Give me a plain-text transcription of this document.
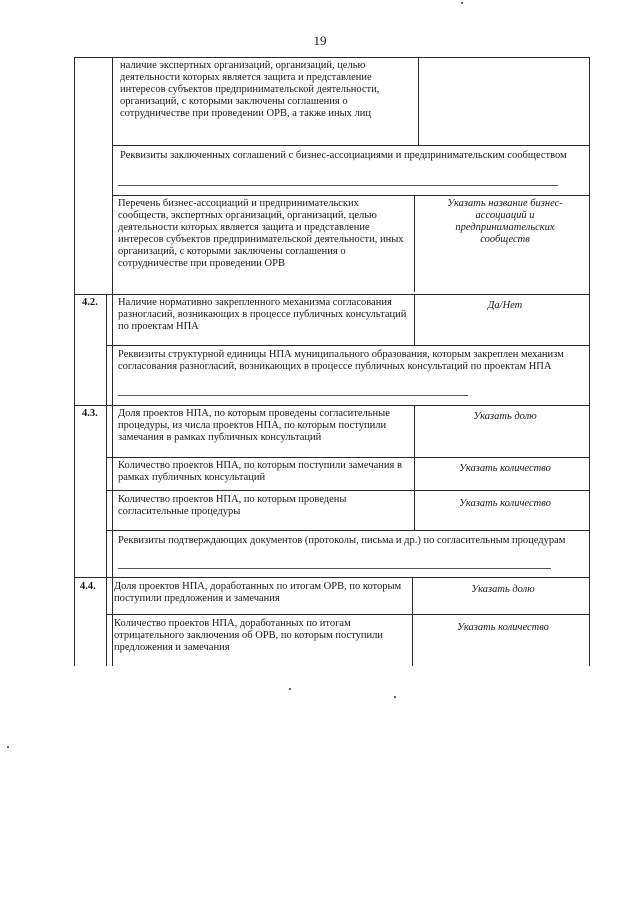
19
наличие экспертных организаций, организаций, целью деятельности которых является защита и представление интересов субъектов предпринимательской деятельности, организаций, с которыми заключены соглашения о сотрудничестве при проведении ОРВ, а также иных лиц
Реквизиты заключенных соглашений с бизнес-ассоциациями и предпринимательским сообществом
Перечень бизнес-ассоциаций и предпринимательских сообществ, экспертных организаций, организаций, целью деятельности которых является защита и представление интересов субъектов предпринимательской деятельности, иных организаций, с которыми заключены соглашения о сотрудничестве при проведении ОРВ
Указать название бизнес-ассоциаций и предпринимательских сообществ
4.2. Наличие нормативно закрепленного механизма согласования разногласий, возникающих в процессе публичных консультаций по проектам НПА
Да/Нет
Реквизиты структурной единицы НПА муниципального образования, которым закреплен механизм согласования разногласий, возникающих в процессе публичных консультаций по проектам НПА
4.3. Доля проектов НПА, по которым проведены согласительные процедуры, из числа проектов НПА, по которым поступили замечания в рамках публичных консультаций
Указать долю
Количество проектов НПА, по которым поступили замечания в рамках публичных консультаций
Указать количество
Количество проектов НПА, по которым проведены согласительные процедуры
Указать количество
Реквизиты подтверждающих документов (протоколы, письма и др.) по согласительным процедурам
4.4. Доля проектов НПА, доработанных по итогам ОРВ, по которым поступили предложения и замечания
Указать долю
Количество проектов НПА, доработанных по итогам отрицательного заключения об ОРВ, по которым поступили предложения и замечания
Указать количество
